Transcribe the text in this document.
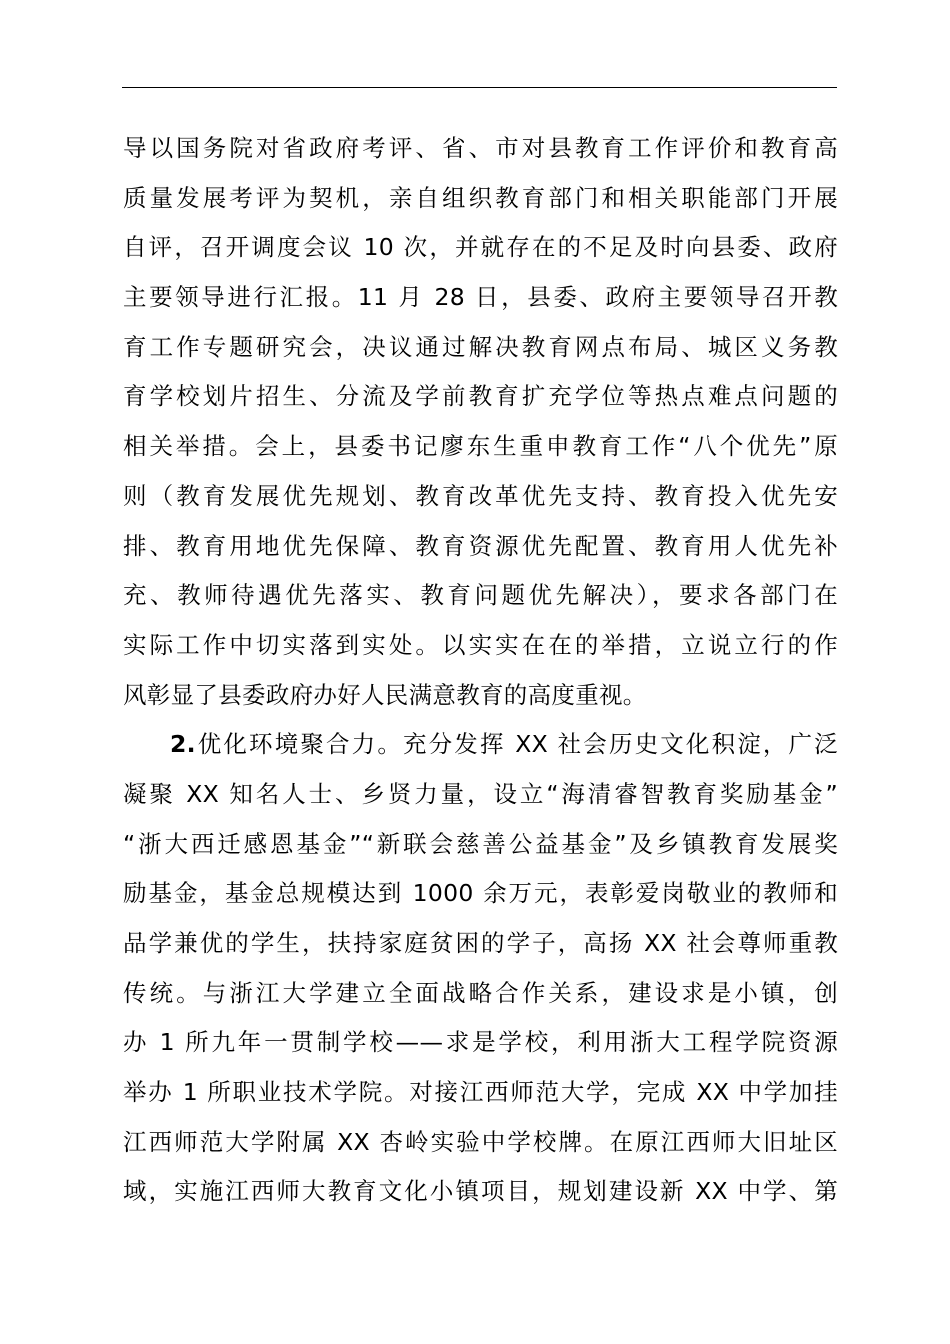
导以国务院对省政府考评、省、市对县教育工作评价和教育高
质量发展考评为契机，亲自组织教育部门和相关职能部门开展
自评，召开调度会议 10 次，并就存在的不足及时向县委、政府
主要领导进行汇报。11 月 28 日，县委、政府主要领导召开教
育工作专题研究会，决议通过解决教育网点布局、城区义务教
育学校划片招生、分流及学前教育扩充学位等热点难点问题的
相关举措。会上，县委书记廖东生重申教育工作“八个优先”原
则（教育发展优先规划、教育改革优先支持、教育投入优先安
排、教育用地优先保障、教育资源优先配置、教育用人优先补
充、教师待遇优先落实、教育问题优先解决），要求各部门在
实际工作中切实落到实处。以实实在在的举措，立说立行的作
风彰显了县委政府办好人民满意教育的高度重视。
2.优化环境聚合力。充分发挥 XX 社会历史文化积淀，广泛
凝聚 XX 知名人士、乡贤力量，设立“海清睿智教育奖励基金”
“浙大西迁感恩基金”“新联会慈善公益基金”及乡镇教育发展奖
励基金，基金总规模达到 1000 余万元，表彰爱岗敬业的教师和
品学兼优的学生，扶持家庭贫困的学子，高扬 XX 社会尊师重教
传统。与浙江大学建立全面战略合作关系，建设求是小镇，创
办 1 所九年一贯制学校——求是学校，利用浙大工程学院资源
举办 1 所职业技术学院。对接江西师范大学，完成 XX 中学加挂
江西师范大学附属 XX 杏岭实验中学校牌。在原江西师大旧址区
域，实施江西师大教育文化小镇项目，规划建设新 XX 中学、第
